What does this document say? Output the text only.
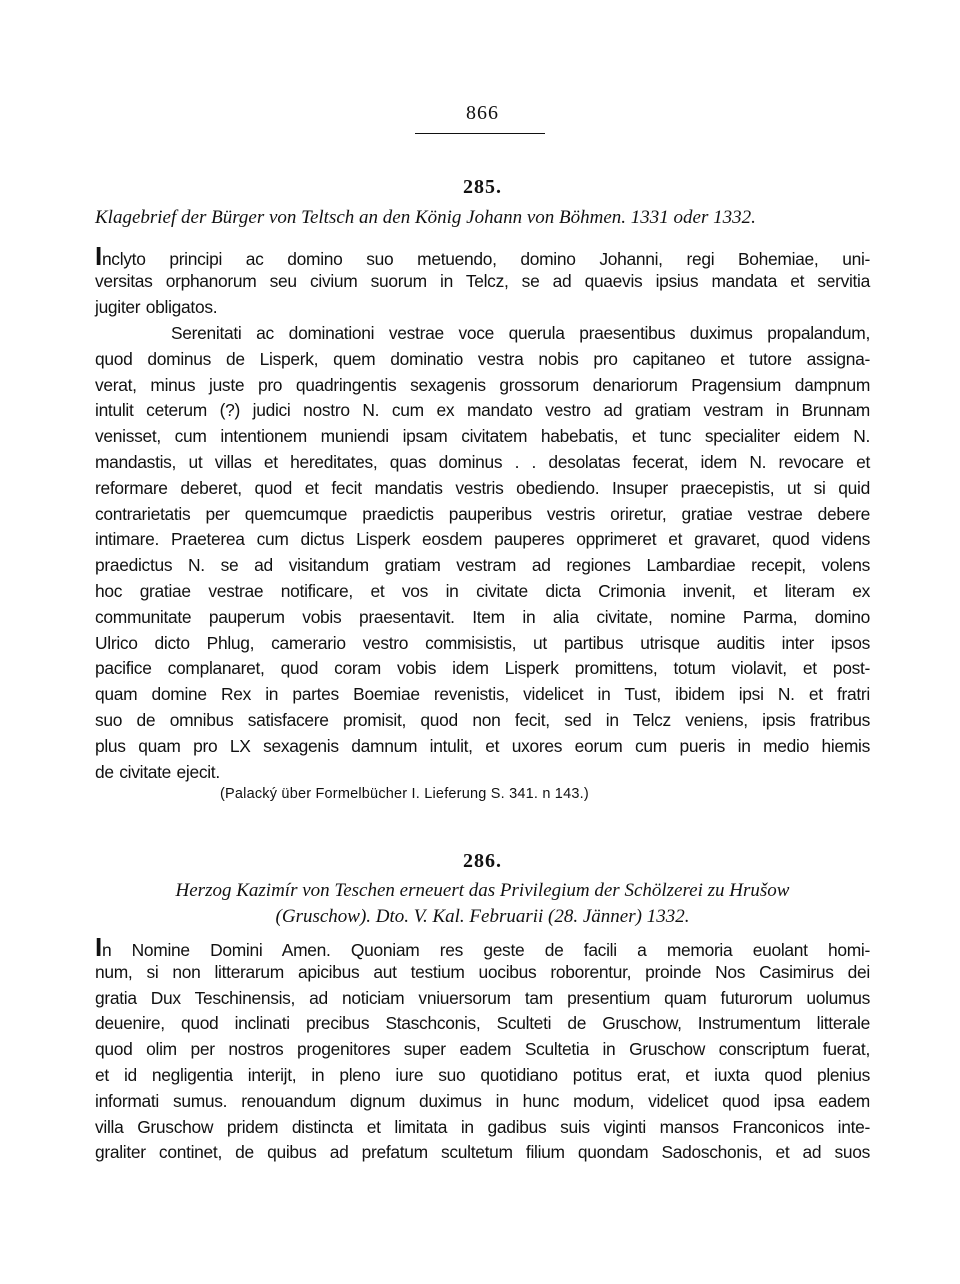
866
285.
Klagebrief der Bürger von Teltsch an den König Johann von Böhmen. 1331 oder 1332.
Inclyto principi ac domino suo metuendo, domino Johanni, regi Bohemiae, uni-
versitas orphanorum seu civium suorum in Telcz, se ad quaevis ipsius mandata et servitia
jugiter obligatos.
Serenitati ac dominationi vestrae voce querula praesentibus duximus propalandum,
quod dominus de Lisperk, quem dominatio vestra nobis pro capitaneo et tutore assigna-
verat, minus juste pro quadringentis sexagenis grossorum denariorum Pragensium dampnum
intulit ceterum (?) judici nostro N. cum ex mandato vestro ad gratiam vestram in Brunnam
venisset, cum intentionem muniendi ipsam civitatem habebatis, et tunc specialiter eidem N.
mandastis, ut villas et hereditates, quas dominus . . desolatas fecerat, idem N. revocare et
reformare deberet, quod et fecit mandatis vestris obediendo. Insuper praecepistis, ut si quid
contrarietatis per quemcumque praedictis pauperibus vestris oriretur, gratiae vestrae debere
intimare. Praeterea cum dictus Lisperk eosdem pauperes opprimeret et gravaret, quod videns
praedictus N. se ad visitandum gratiam vestram ad regiones Lambardiae recepit, volens
hoc gratiae vestrae notificare, et vos in civitate dicta Crimonia invenit, et literam ex
communitate pauperum vobis praesentavit. Item in alia civitate, nomine Parma, domino
Ulrico dicto Phlug, camerario vestro commisistis, ut partibus utrisque auditis inter ipsos
pacifice complanaret, quod coram vobis idem Lisperk promittens, totum violavit, et post-
quam domine Rex in partes Boemiae revenistis, videlicet in Tust, ibidem ipsi N. et fratri
suo de omnibus satisfacere promisit, quod non fecit, sed in Telcz veniens, ipsis fratribus
plus quam pro LX sexagenis damnum intulit, et uxores eorum cum pueris in medio hiemis
de civitate ejecit.
(Palacký über Formelbücher I. Lieferung S. 341. n 143.)
286.
Herzog Kazimír von Teschen erneuert das Privilegium der Schölzerei zu Hrušow
(Gruschow). Dto. V. Kal. Februarii (28. Jänner) 1332.
In Nomine Domini Amen. Quoniam res geste de facili a memoria euolant homi-
num, si non litterarum apicibus aut testium uocibus roborentur, proinde Nos Casimirus dei
gratia Dux Teschinensis, ad noticiam vniuersorum tam presentium quam futurorum uolumus
deuenire, quod inclinati precibus Staschconis, Sculteti de Gruschow, Instrumentum litterale
quod olim per nostros progenitores super eadem Scultetia in Gruschow conscriptum fuerat,
et id negligentia interijt, in pleno iure suo quotidiano potitus erat, et iuxta quod plenius
informati sumus. renouandum dignum duximus in hunc modum, videlicet quod ipsa eadem
villa Gruschow pridem distincta et limitata in gadibus suis viginti mansos Franconicos inte-
graliter continet, de quibus ad prefatum scultetum filium quondam Sadoschonis, et ad suos
